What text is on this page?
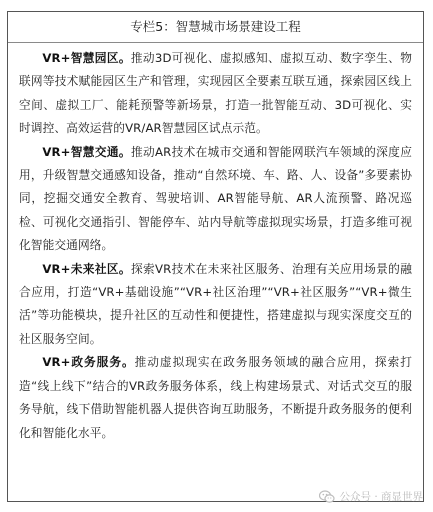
专栏5：智慧城市场景建设工程

VR+智慧园区。推动3D可视化、虚拟感知、虚拟互动、数字孪生、物联网等技术赋能园区生产和管理，实现园区全要素互联互通，探索园区线上空间、虚拟工厂、能耗预警等新场景，打造一批智能互动、3D可视化、实时调控、高效运营的VR/AR智慧园区试点示范。

VR+智慧交通。推动AR技术在城市交通和智能网联汽车领域的深度应用，升级智慧交通感知设备，推动“自然环境、车、路、人、设备”多要素协同，挖掘交通安全教育、驾驶培训、AR智能导航、AR人流预警、路况巡检、可视化交通指引、智能停车、站内导航等虚拟现实场景，打造多维可视化智能交通网络。

VR+未来社区。探索VR技术在未来社区服务、治理有关应用场景的融合应用，打造“VR+基础设施”“VR+社区治理”“VR+社区服务”“VR+微生活”等功能模块，提升社区的互动性和便捷性，搭建虚拟与现实深度交互的社区服务空间。

VR+政务服务。推动虚拟现实在政务服务领域的融合应用，探索打造“线上线下”结合的VR政务服务体系，线上构建场景式、对话式交互的服务导航，线下借助智能机器人提供咨询互助服务，不断提升政务服务的便利化和智能化水平。

公众号 · 商显世界
